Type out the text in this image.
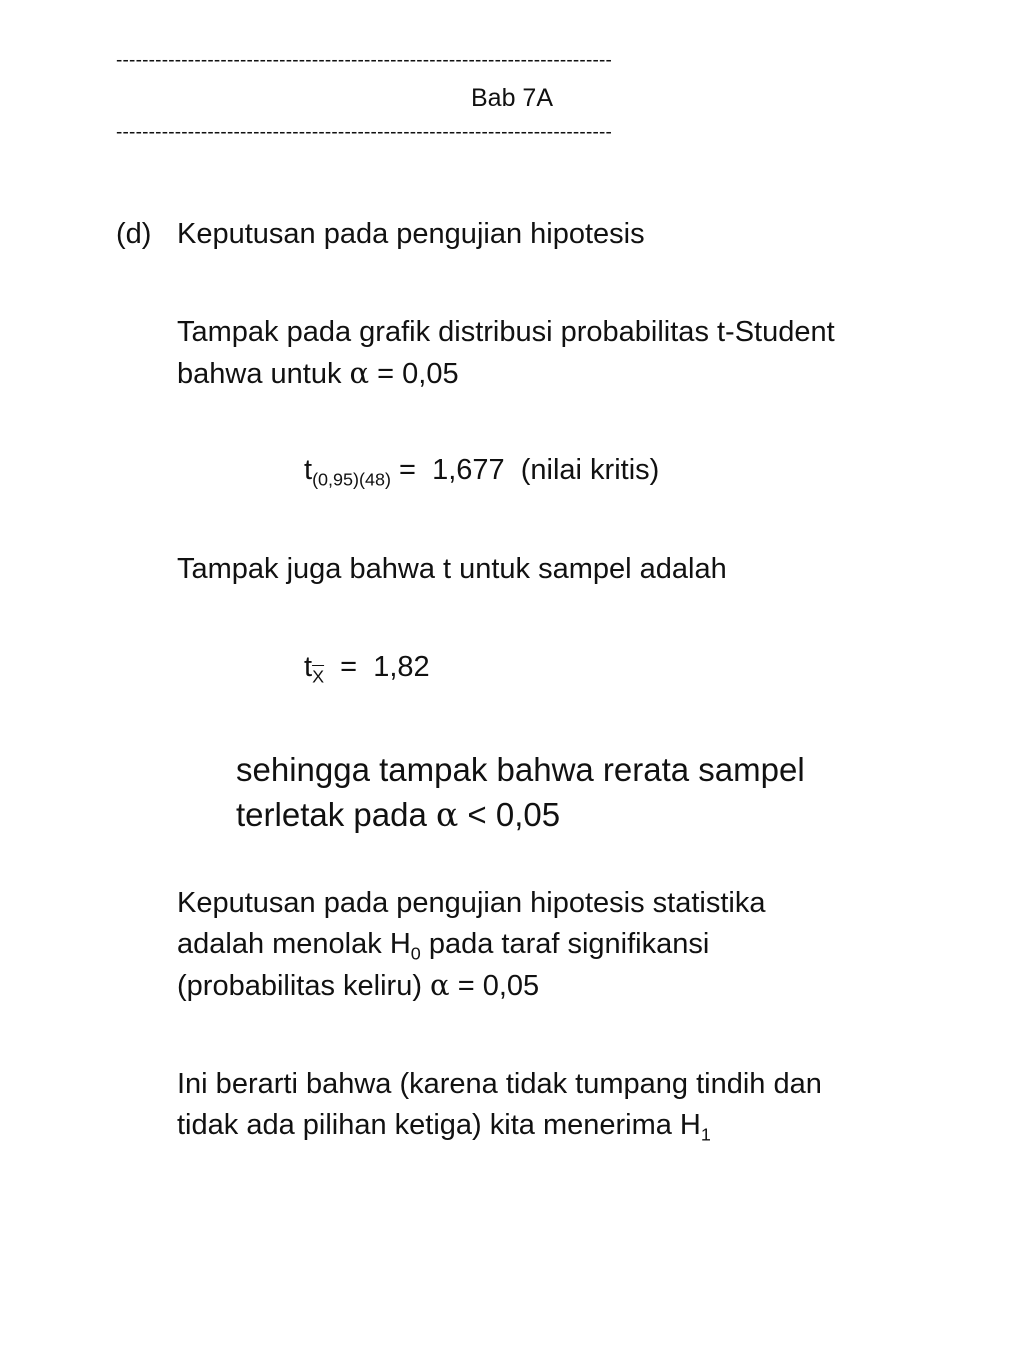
----------------------------------------------------------------------------
Bab 7A
----------------------------------------------------------------------------
(d) Keputusan pada pengujian hipotesis
Tampak pada grafik distribusi probabilitas t-Student
bahwa untuk α = 0,05
$t_{(0,95)(48)} = 1,677$  (nilai kritis)
Tampak juga bahwa t untuk sampel adalah
$t_{\overline{X}} = 1,82$
sehingga tampak bahwa rerata sampel
terletak pada α < 0,05
Keputusan pada pengujian hipotesis statistika
adalah menolak $H_0$ pada taraf signifikansi
(probabilitas keliru) α = 0,05
Ini berarti bahwa (karena tidak tumpang tindih dan
tidak ada pilihan ketiga) kita menerima $H_1$
